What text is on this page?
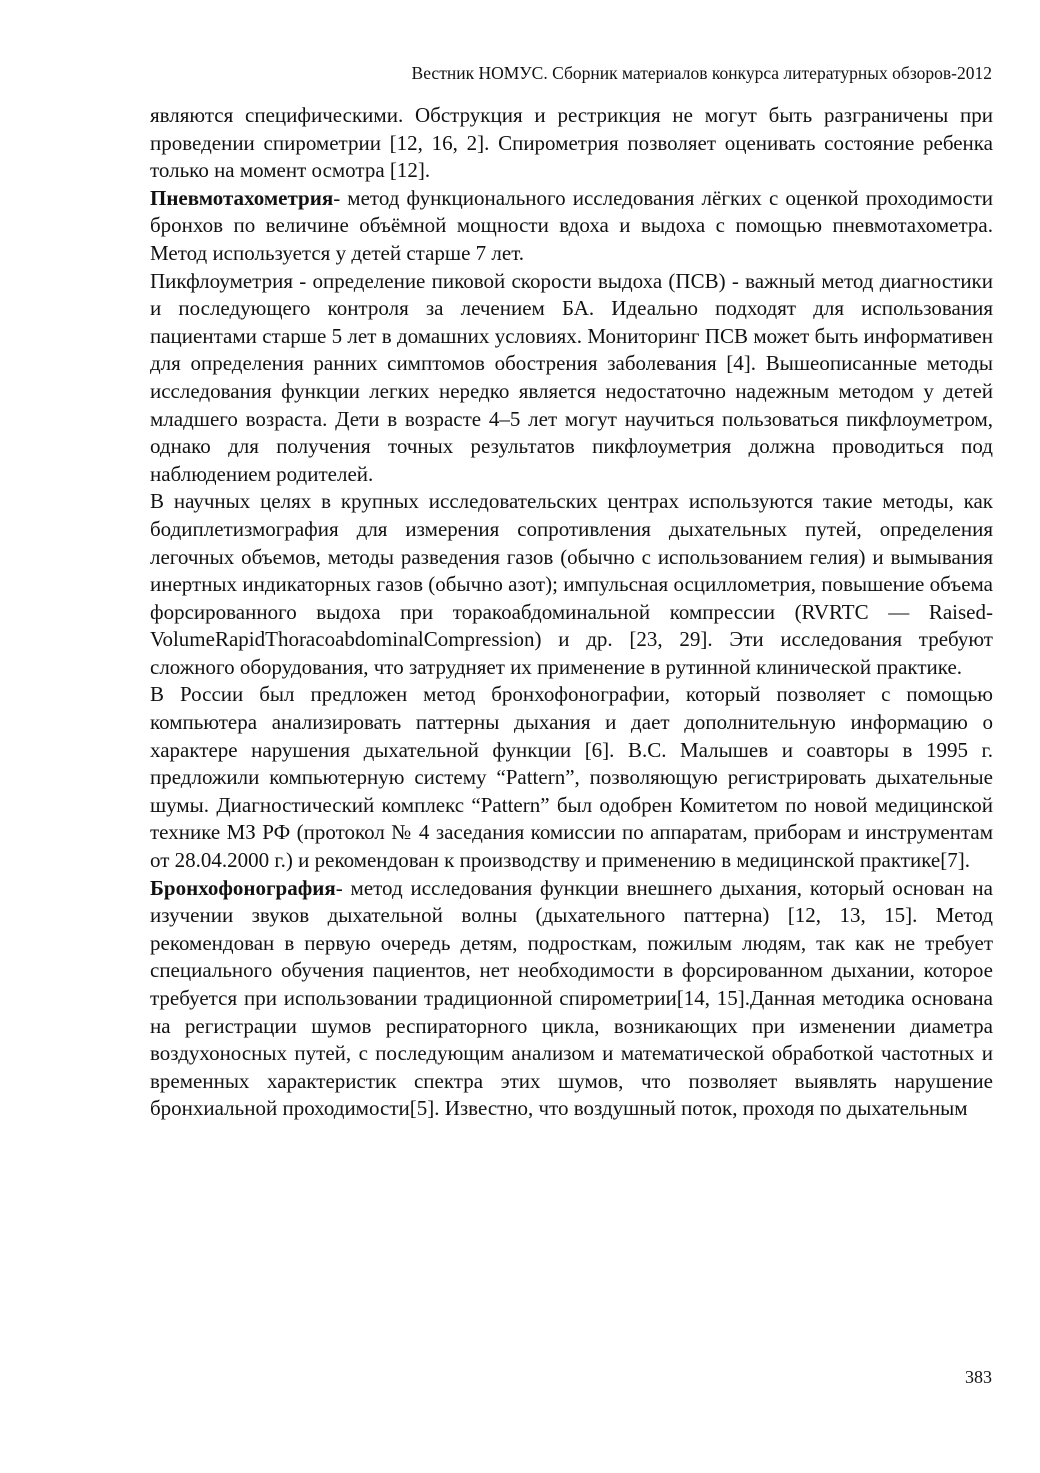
Вестник НОМУС. Сборник материалов конкурса литературных обзоров-2012

являются специфическими. Обструкция и рестрикция не могут быть разграничены при проведении спирометрии [12, 16, 2]. Спирометрия позволяет оценивать состояние ребенка только на момент осмотра [12].

Пневмотахометрия- метод функционального исследования лёгких с оценкой проходимости бронхов по величине объёмной мощности вдоха и выдоха с помощью пневмотахометра. Метод используется у детей старше 7 лет.

Пикфлоуметрия - определение пиковой скорости выдоха (ПСВ) - важный метод диагностики и последующего контроля за лечением БА. Идеально подходят для использования пациентами старше 5 лет в домашних условиях. Мониторинг ПСВ может быть информативен для определения ранних симптомов обострения заболевания [4]. Вышеописанные методы исследования функции легких нередко является недостаточно надежным методом у детей младшего возраста. Дети в возрасте 4–5 лет могут научиться пользоваться пикфлоуметром, однако для получения точных результатов пикфлоуметрия должна проводиться под наблюдением родителей.

В научных целях в крупных исследовательских центрах используются такие методы, как бодиплетизмография для измерения сопротивления дыхательных путей, определения легочных объемов, методы разведения газов (обычно с использованием гелия) и вымывания инертных индикаторных газов (обычно азот); импульсная осциллометрия, повышение объема форсированного выдоха при торакоабдоминальной компрессии (RVRTC — Raised-VolumeRapidThoracoabdominalCompression) и др. [23, 29]. Эти исследования требуют сложного оборудования, что затрудняет их применение в рутинной клинической практике.

В России был предложен метод бронхофонографии, который позволяет с помощью компьютера анализировать паттерны дыхания и дает дополнительную информацию о характере нарушения дыхательной функции [6]. В.С. Малышев и соавторы в 1995 г. предложили компьютерную систему “Pattern”, позволяющую регистрировать дыхательные шумы. Диагностический комплекс “Pattern” был одобрен Комитетом по новой медицинской технике МЗ РФ (протокол № 4 заседания комиссии по аппаратам, приборам и инструментам от 28.04.2000 г.) и рекомендован к производству и применению в медицинской практике[7].

Бронхофонография- метод исследования функции внешнего дыхания, который основан на изучении звуков дыхательной волны (дыхательного паттерна) [12, 13, 15]. Метод рекомендован в первую очередь детям, подросткам, пожилым людям, так как не требует специального обучения пациентов, нет необходимости в форсированном дыхании, которое требуется при использовании традиционной спирометрии[14, 15].Данная методика основана на регистрации шумов респираторного цикла, возникающих при изменении диаметра воздухоносных путей, с последующим анализом и математической обработкой частотных и временных характеристик спектра этих шумов, что позволяет выявлять нарушение бронхиальной проходимости[5]. Известно, что воздушный поток, проходя по дыхательным

383
